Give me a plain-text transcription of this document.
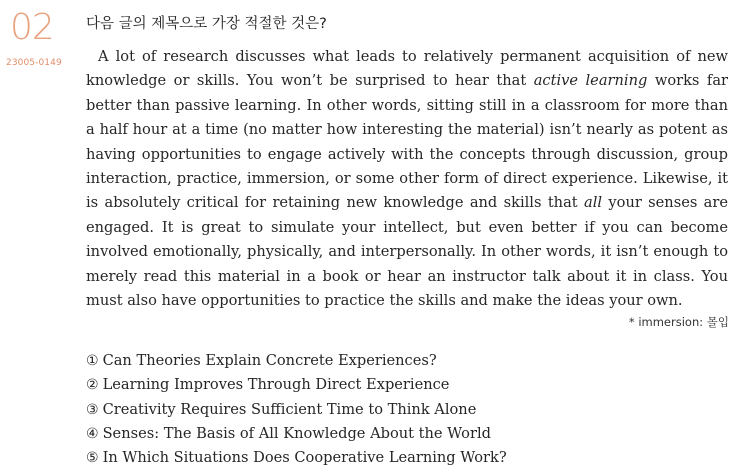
02
23005-0149
다음 글의 제목으로 가장 적절한 것은?

A lot of research discusses what leads to relatively permanent acquisition of new knowledge or skills. You won’t be surprised to hear that active learning works far better than passive learning. In other words, sitting still in a classroom for more than a half hour at a time (no matter how interesting the material) isn’t nearly as potent as having opportunities to engage actively with the concepts through discussion, group interaction, practice, immersion, or some other form of direct experience. Likewise, it is absolutely critical for retaining new knowledge and skills that all your senses are engaged. It is great to simulate your intellect, but even better if you can become involved emotionally, physically, and interpersonally. In other words, it isn’t enough to merely read this material in a book or hear an instructor talk about it in class. You must also have opportunities to practice the skills and make the ideas your own.

* immersion: 몰입
① Can Theories Explain Concrete Experiences?
② Learning Improves Through Direct Experience
③ Creativity Requires Sufficient Time to Think Alone
④ Senses: The Basis of All Knowledge About the World
⑤ In Which Situations Does Cooperative Learning Work?
